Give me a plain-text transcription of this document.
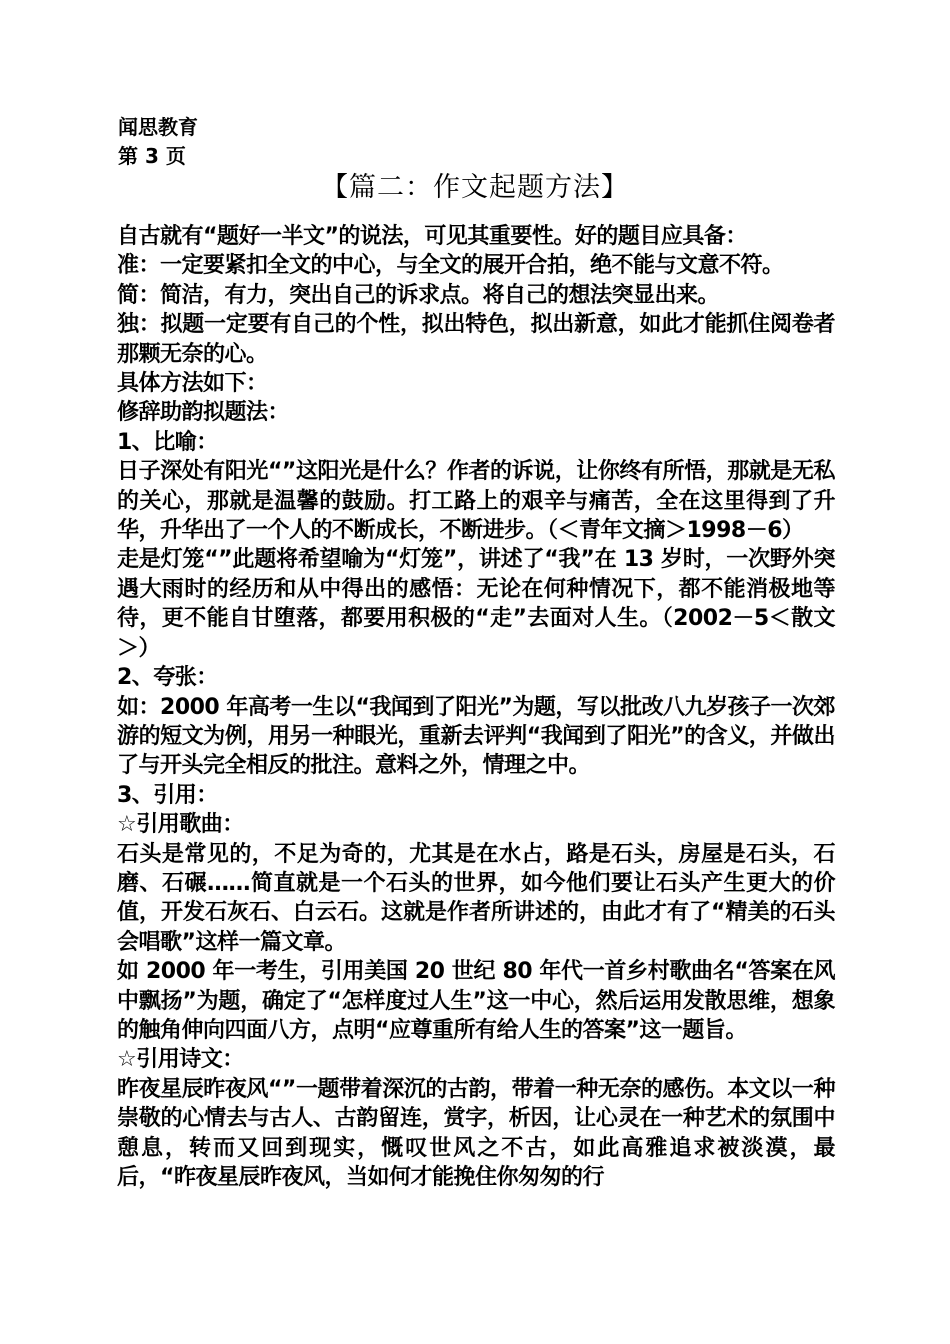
闻思教育
第 3 页
【篇二：作文起题方法】

自古就有“题好一半文”的说法，可见其重要性。好的题目应具备：

准：一定要紧扣全文的中心，与全文的展开合拍，绝不能与文意不符。

简：简洁，有力，突出自己的诉求点。将自己的想法突显出来。

独：拟题一定要有自己的个性，拟出特色，拟出新意，如此才能抓住阅卷者那颗无奈的心。

具体方法如下：

修辞助韵拟题法：

1、比喻：

日子深处有阳光“”这阳光是什么？作者的诉说，让你终有所悟，那就是无私的关心，那就是温馨的鼓励。打工路上的艰辛与痛苦，全在这里得到了升华，升华出了一个人的不断成长，不断进步。（＜青年文摘＞1998－6）

走是灯笼“”此题将希望喻为“灯笼”，讲述了“我”在 13 岁时，一次野外突遇大雨时的经历和从中得出的感悟：无论在何种情况下，都不能消极地等待，更不能自甘堕落，都要用积极的“走”去面对人生。（2002－5＜散文＞）

2、夸张：

如：2000 年高考一生以“我闻到了阳光”为题，写以批改八九岁孩子一次郊游的短文为例，用另一种眼光，重新去评判“我闻到了阳光”的含义，并做出了与开头完全相反的批注。意料之外，情理之中。

3、引用：

☆引用歌曲：

石头是常见的，不足为奇的，尤其是在水占，路是石头，房屋是石头，石磨、石碾……简直就是一个石头的世界，如今他们要让石头产生更大的价值，开发石灰石、白云石。这就是作者所讲述的，由此才有了“精美的石头会唱歌”这样一篇文章。

如 2000 年一考生，引用美国 20 世纪 80 年代一首乡村歌曲名“答案在风中飘扬”为题，确定了“怎样度过人生”这一中心，然后运用发散思维，想象的触角伸向四面八方，点明“应尊重所有给人生的答案”这一题旨。

☆引用诗文：

昨夜星辰昨夜风“”一题带着深沉的古韵，带着一种无奈的感伤。本文以一种崇敬的心情去与古人、古韵留连，赏字，析因，让心灵在一种艺术的氛围中憩息，转而又回到现实，慨叹世风之不古，如此高雅追求被淡漠，最后，“昨夜星辰昨夜风，当如何才能挽住你匆匆的行
